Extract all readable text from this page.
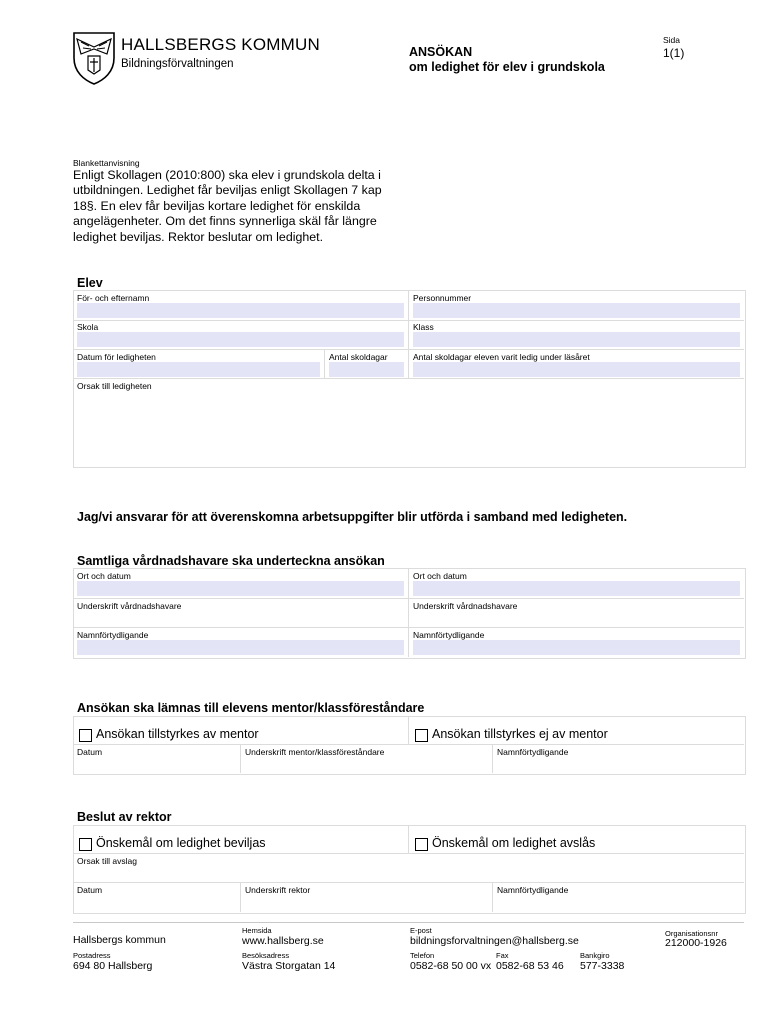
HALLSBERGS KOMMUN
Bildningsförvaltningen
ANSÖKAN
om ledighet för elev i grundskola
Sida
1(1)
Blankettanvisning
Enligt Skollagen (2010:800) ska elev i grundskola delta i utbildningen. Ledighet får beviljas enligt Skollagen 7 kap 18§. En elev får beviljas kortare ledighet för enskilda angelägenheter. Om det finns synnerliga skäl får längre ledighet beviljas. Rektor beslutar om ledighet.
Elev
För- och efternamn	Personnummer
Skola	Klass
Datum för ledigheten	Antal skoldagar	Antal skoldagar eleven varit ledig under läsåret
Orsak till ledigheten
Jag/vi ansvarar för att överenskomna arbetsuppgifter blir utförda i samband med ledigheten.
Samtliga vårdnadshavare ska underteckna ansökan
Ort och datum	Ort och datum
Underskrift vårdnadshavare	Underskrift vårdnadshavare
Namnförtydligande	Namnförtydligande
Ansökan ska lämnas till elevens mentor/klassföreståndare
Ansökan tillstyrkes av mentor	Ansökan tillstyrkes ej av mentor
Datum	Underskrift mentor/klassföreståndare	Namnförtydligande
Beslut av rektor
Önskemål om ledighet beviljas	Önskemål om ledighet avslås
Orsak till avslag
Datum	Underskrift rektor	Namnförtydligande
Hallsbergs kommun
Postadress
694 80 Hallsberg
Hemsida
www.hallsberg.se
Besöksadress
Västra Storgatan 14
E-post
bildningsforvaltningen@hallsberg.se
Telefon
0582-68 50 00 vx
Fax
0582-68 53 46
Bankgiro
577-3338
Organisationsnr
212000-1926
